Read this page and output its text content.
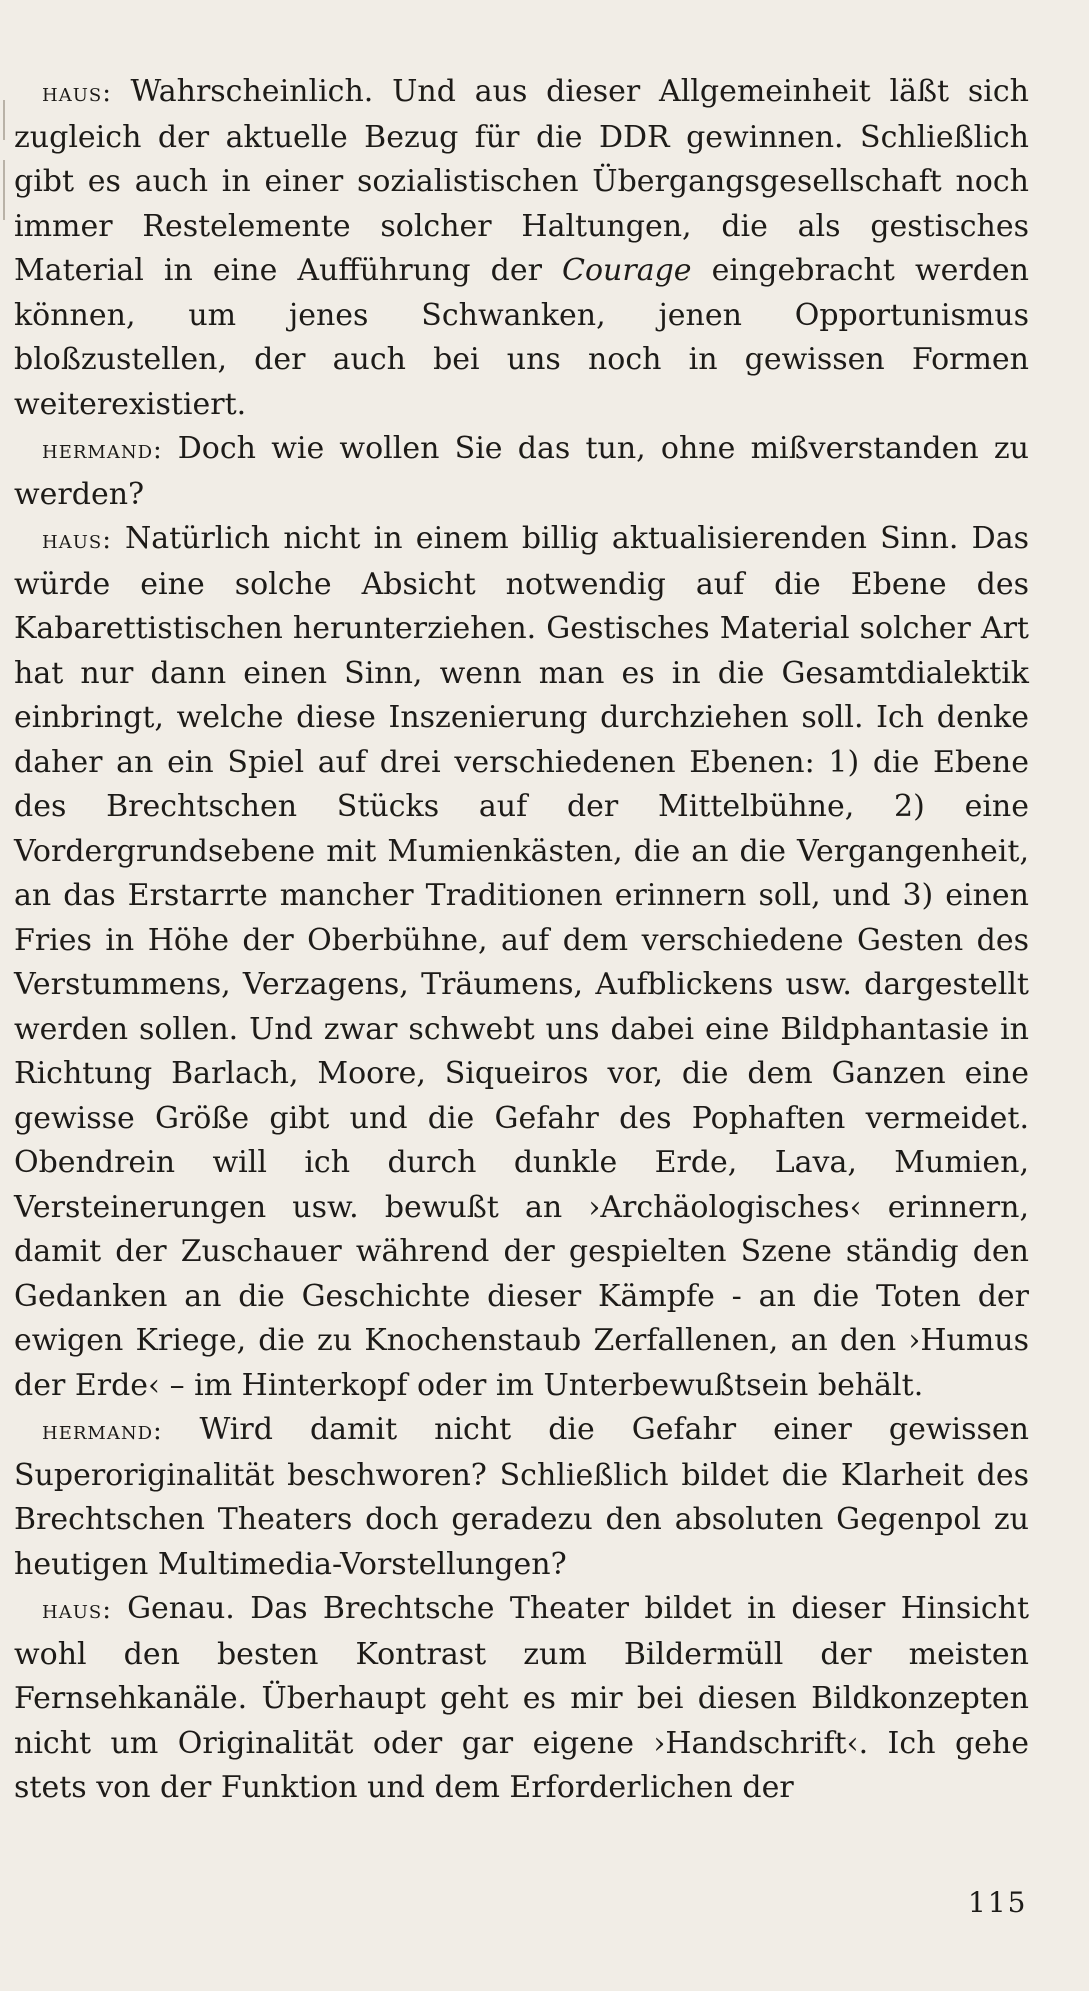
haus: Wahrscheinlich. Und aus dieser Allgemeinheit läßt sich zugleich der aktuelle Bezug für die DDR gewinnen. Schließlich gibt es auch in einer sozialistischen Übergangsgesellschaft noch immer Restelemente solcher Haltungen, die als gestisches Material in eine Aufführung der Courage eingebracht werden können, um jenes Schwanken, jenen Opportunismus bloßzustellen, der auch bei uns noch in gewissen Formen weiterexistiert.

hermand: Doch wie wollen Sie das tun, ohne mißverstanden zu werden?

haus: Natürlich nicht in einem billig aktualisierenden Sinn. Das würde eine solche Absicht notwendig auf die Ebene des Kabarettistischen herunterziehen. Gestisches Material solcher Art hat nur dann einen Sinn, wenn man es in die Gesamtdialektik einbringt, welche diese Inszenierung durchziehen soll. Ich denke daher an ein Spiel auf drei verschiedenen Ebenen: 1) die Ebene des Brechtschen Stücks auf der Mittelbühne, 2) eine Vordergrundsebene mit Mumienkästen, die an die Vergangenheit, an das Erstarrte mancher Traditionen erinnern soll, und 3) einen Fries in Höhe der Oberbühne, auf dem verschiedene Gesten des Verstummens, Verzagens, Träumens, Aufblickens usw. dargestellt werden sollen. Und zwar schwebt uns dabei eine Bildphantasie in Richtung Barlach, Moore, Siqueiros vor, die dem Ganzen eine gewisse Größe gibt und die Gefahr des Pophaften vermeidet. Obendrein will ich durch dunkle Erde, Lava, Mumien, Versteinerungen usw. bewußt an ›Archäologisches‹ erinnern, damit der Zuschauer während der gespielten Szene ständig den Gedanken an die Geschichte dieser Kämpfe - an die Toten der ewigen Kriege, die zu Knochenstaub Zerfallenen, an den ›Humus der Erde‹ – im Hinterkopf oder im Unterbewußtsein behält.

hermand: Wird damit nicht die Gefahr einer gewissen Superoriginalität beschworen? Schließlich bildet die Klarheit des Brechtschen Theaters doch geradezu den absoluten Gegenpol zu heutigen Multimedia-Vorstellungen?

haus: Genau. Das Brechtsche Theater bildet in dieser Hinsicht wohl den besten Kontrast zum Bildermüll der meisten Fernsehkanäle. Überhaupt geht es mir bei diesen Bildkonzepten nicht um Originalität oder gar eigene ›Handschrift‹. Ich gehe stets von der Funktion und dem Erforderlichen der

115
